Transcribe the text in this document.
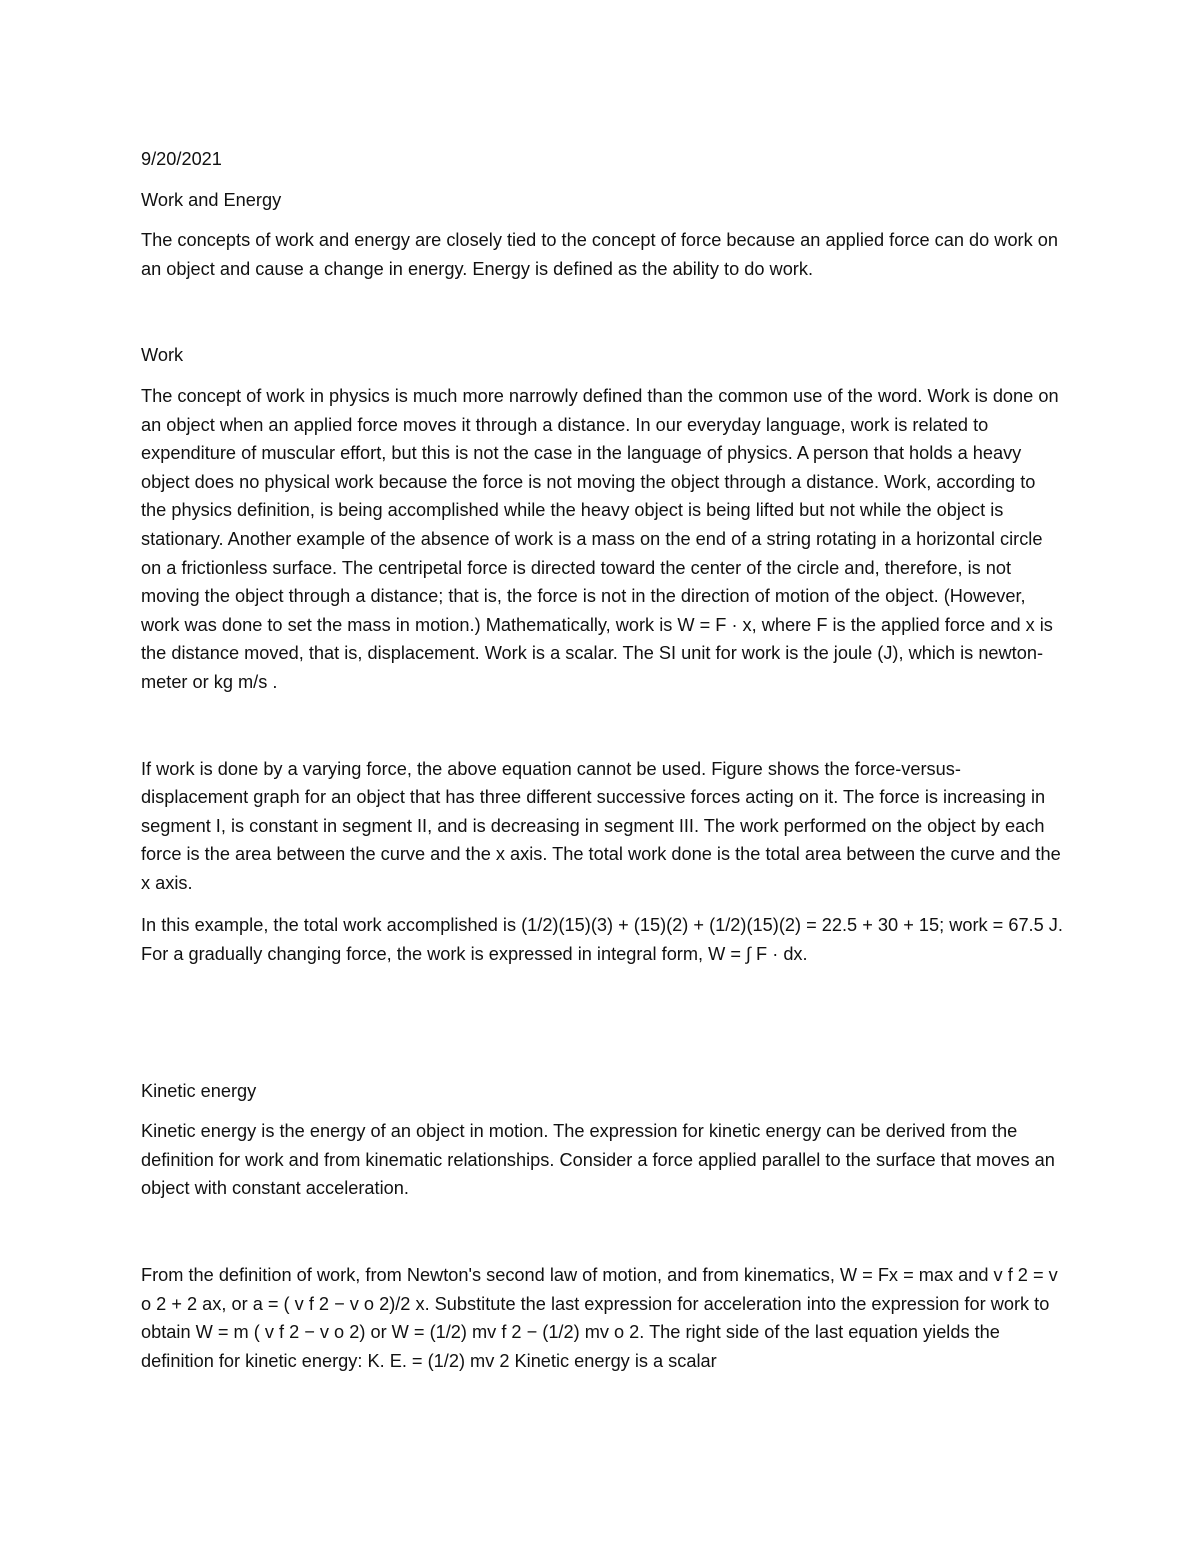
9/20/2021

Work and Energy

The concepts of work and energy are closely tied to the concept of force because an applied force can do work on an object and cause a change in energy. Energy is defined as the ability to do work.

Work

The concept of work in physics is much more narrowly defined than the common use of the word. Work is done on an object when an applied force moves it through a distance. In our everyday language, work is related to expenditure of muscular effort, but this is not the case in the language of physics. A person that holds a heavy object does no physical work because the force is not moving the object through a distance. Work, according to the physics definition, is being accomplished while the heavy object is being lifted but not while the object is stationary. Another example of the absence of work is a mass on the end of a string rotating in a horizontal circle on a frictionless surface. The centripetal force is directed toward the center of the circle and, therefore, is not moving the object through a distance; that is, the force is not in the direction of motion of the object. (However, work was done to set the mass in motion.) Mathematically, work is W = F · x, where F is the applied force and x is the distance moved, that is, displacement. Work is a scalar. The SI unit for work is the joule (J), which is newton-meter or kg m/s .

If work is done by a varying force, the above equation cannot be used. Figure shows the force-versus-displacement graph for an object that has three different successive forces acting on it. The force is increasing in segment I, is constant in segment II, and is decreasing in segment III. The work performed on the object by each force is the area between the curve and the x axis. The total work done is the total area between the curve and the x axis.

In this example, the total work accomplished is (1/2)(15)(3) + (15)(2) + (1/2)(15)(2) = 22.5 + 30 + 15; work = 67.5 J. For a gradually changing force, the work is expressed in integral form, W = ∫ F · dx.

Kinetic energy

Kinetic energy is the energy of an object in motion. The expression for kinetic energy can be derived from the definition for work and from kinematic relationships. Consider a force applied parallel to the surface that moves an object with constant acceleration.

From the definition of work, from Newton's second law of motion, and from kinematics, W = Fx = max and v f 2 = v o 2 + 2 ax, or a = ( v f 2 − v o 2)/2 x. Substitute the last expression for acceleration into the expression for work to obtain W = m ( v f 2 − v o 2) or W = (1/2) mv f 2 − (1/2) mv o 2. The right side of the last equation yields the definition for kinetic energy: K. E. = (1/2) mv 2 Kinetic energy is a scalar
